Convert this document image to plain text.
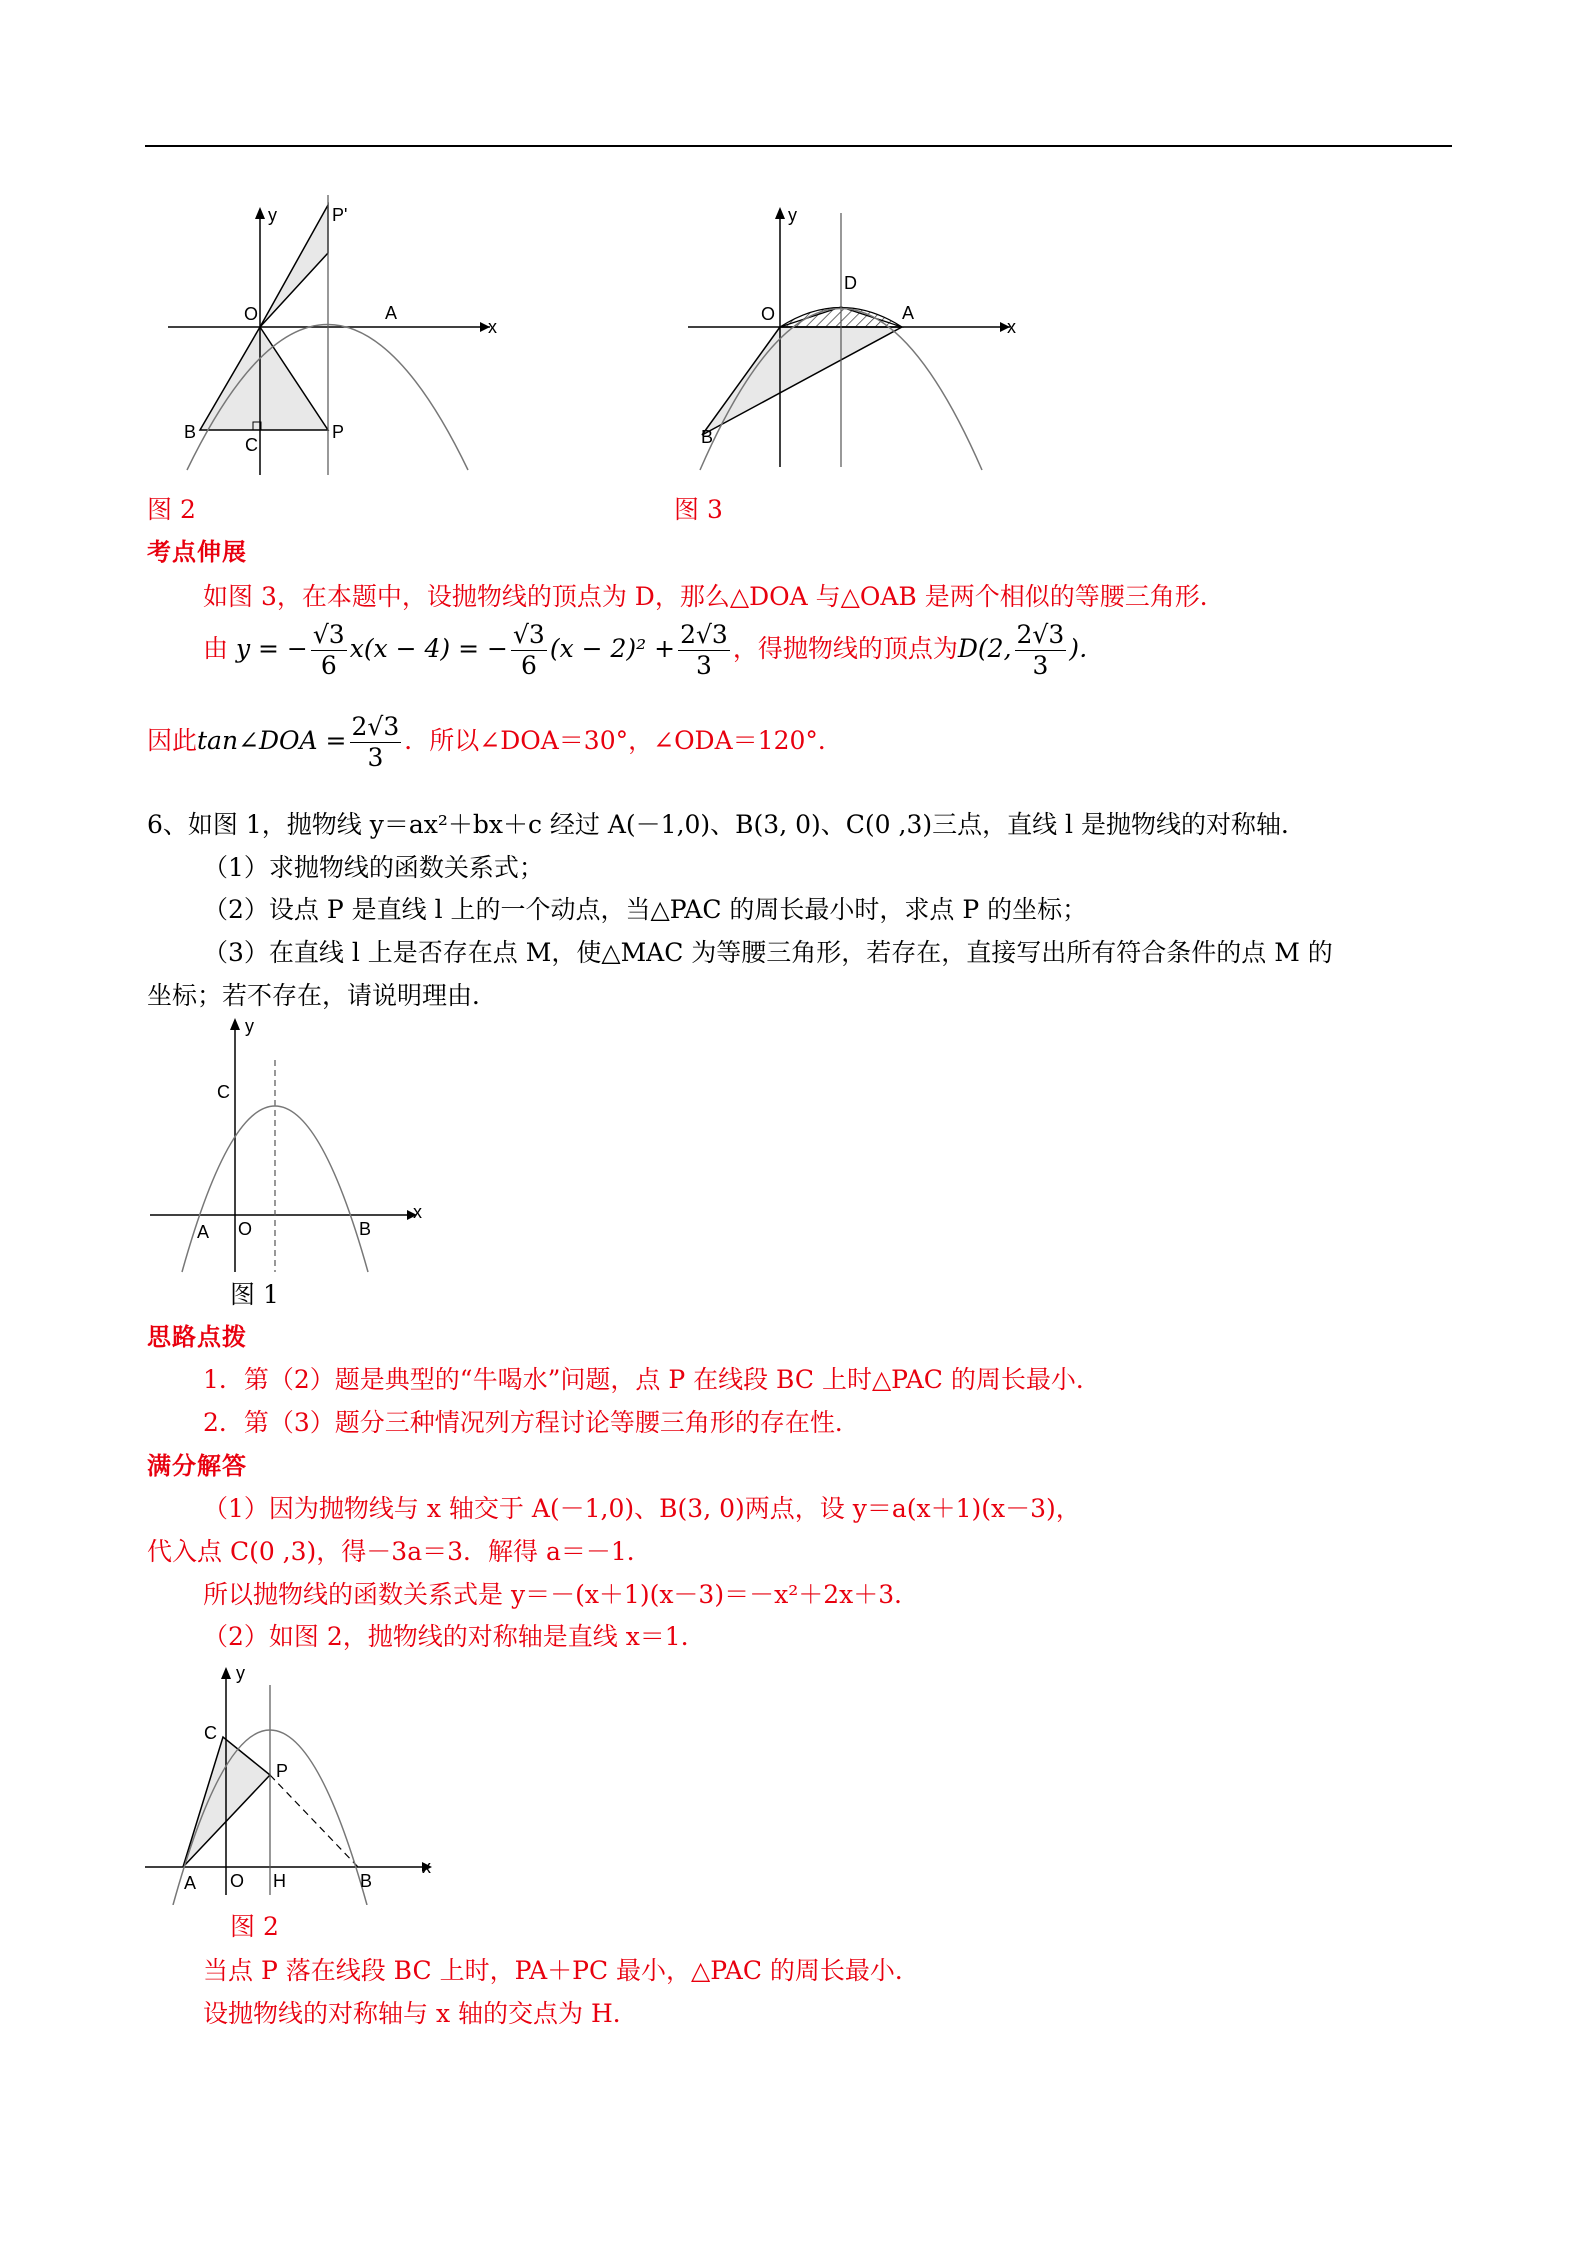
y	P'
O	A
x
B	P
C
图 2
y
D
O	A
x
B
图 3
考点伸展
如图 3，在本题中，设抛物线的顶点为 D，那么△DOA 与△OAB 是两个相似的等腰三角形．
由 y = − $\frac{√3}{6} x(x - 4)$ = − $\frac{√3}{6} (x - 2)^2 + \frac{2√3}{3}$ ，得抛物线的顶点为D(2, $\frac{2√3}{3}$ )．
因此tan∠DOA = $\frac{2√3}{3}$ ．所以∠DOA＝30°，∠ODA＝120°．
6、如图 1，抛物线 y＝ax²＋bx＋c 经过 A(－1,0)、B(3, 0)、C(0 ,3)三点，直线 l 是抛物线的对称轴．
（1）求抛物线的函数关系式；
（2）设点 P 是直线 l 上的一个动点，当△PAC 的周长最小时，求点 P 的坐标；
（3）在直线 l 上是否存在点 M，使△MAC 为等腰三角形，若存在，直接写出所有符合条件的点 M 的
坐标；若不存在，请说明理由．
y
C
x
A O	B
图 1
思路点拨
1．第（2）题是典型的“牛喝水”问题，点 P 在线段 BC 上时△PAC 的周长最小．
2．第（3）题分三种情况列方程讨论等腰三角形的存在性．
满分解答
（1）因为抛物线与 x 轴交于 A(－1,0)、B(3, 0)两点，设 y＝a(x＋1)(x－3)，
代入点 C(0 ,3)，得－3a＝3．解得 a＝－1．
所以抛物线的函数关系式是 y＝－(x＋1)(x－3)＝－x²＋2x＋3．
（2）如图 2，抛物线的对称轴是直线 x＝1．
y
C
P
x
A O H	B
图 2
当点 P 落在线段 BC 上时，PA＋PC 最小，△PAC 的周长最小．
设抛物线的对称轴与 x 轴的交点为 H．
